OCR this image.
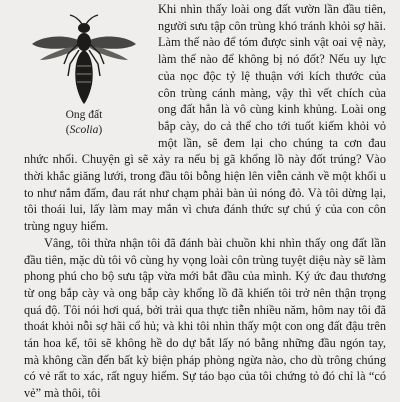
Ong đất
(Scolia)

Khi nhìn thấy loài ong đất vườn lần đầu tiên, người sưu tập côn trùng khó tránh khỏi sợ hãi. Làm thế nào để tóm được sinh vật oai vệ này, làm thế nào để không bị nó đốt? Nếu uy lực của nọc độc tỷ lệ thuận với kích thước của côn trùng cánh màng, vậy thì vết chích của ong đất hẳn là vô cùng kinh khủng. Loài ong bắp cày, do cả thể cho tới tuốt kiếm khỏi vỏ một lần, sẽ đem lại cho chúng ta cơn đau nhức nhối. Chuyện gì sẽ xảy ra nếu bị gã khổng lồ này đốt trúng? Vào thời khắc giăng lưới, trong đầu tôi bỗng hiện lên viễn cảnh về một khối u to như nắm đấm, đau rát như chạm phải bàn ủi nóng đỏ. Và tôi dừng lại, tôi thoái lui, lấy làm may mắn vì chưa đánh thức sự chú ý của con côn trùng nguy hiểm.

Vâng, tôi thừa nhận tôi đã đánh bài chuồn khi nhìn thấy ong đất lần đầu tiên, mặc dù tôi vô cùng hy vọng loài côn trùng tuyệt diệu này sẽ làm phong phú cho bộ sưu tập vừa mới bắt đầu của mình. Ký ức đau thương từ ong bắp cày và ong bắp cày khổng lồ đã khiến tôi trở nên thận trọng quá độ. Tôi nói hơi quá, bởi trải qua thực tiễn nhiều năm, hôm nay tôi đã thoát khỏi nỗi sợ hãi cổ hủ; và khi tôi nhìn thấy một con ong đất đậu trên tán hoa kế, tôi sẽ không hề do dự bắt lấy nó bằng những đầu ngón tay, mà không cần đến bất kỳ biện pháp phòng ngừa nào, cho dù trông chúng có vẻ rất to xác, rất nguy hiểm. Sự táo bạo của tôi chứng tỏ đó chỉ là “có vẻ” mà thôi, tôi
